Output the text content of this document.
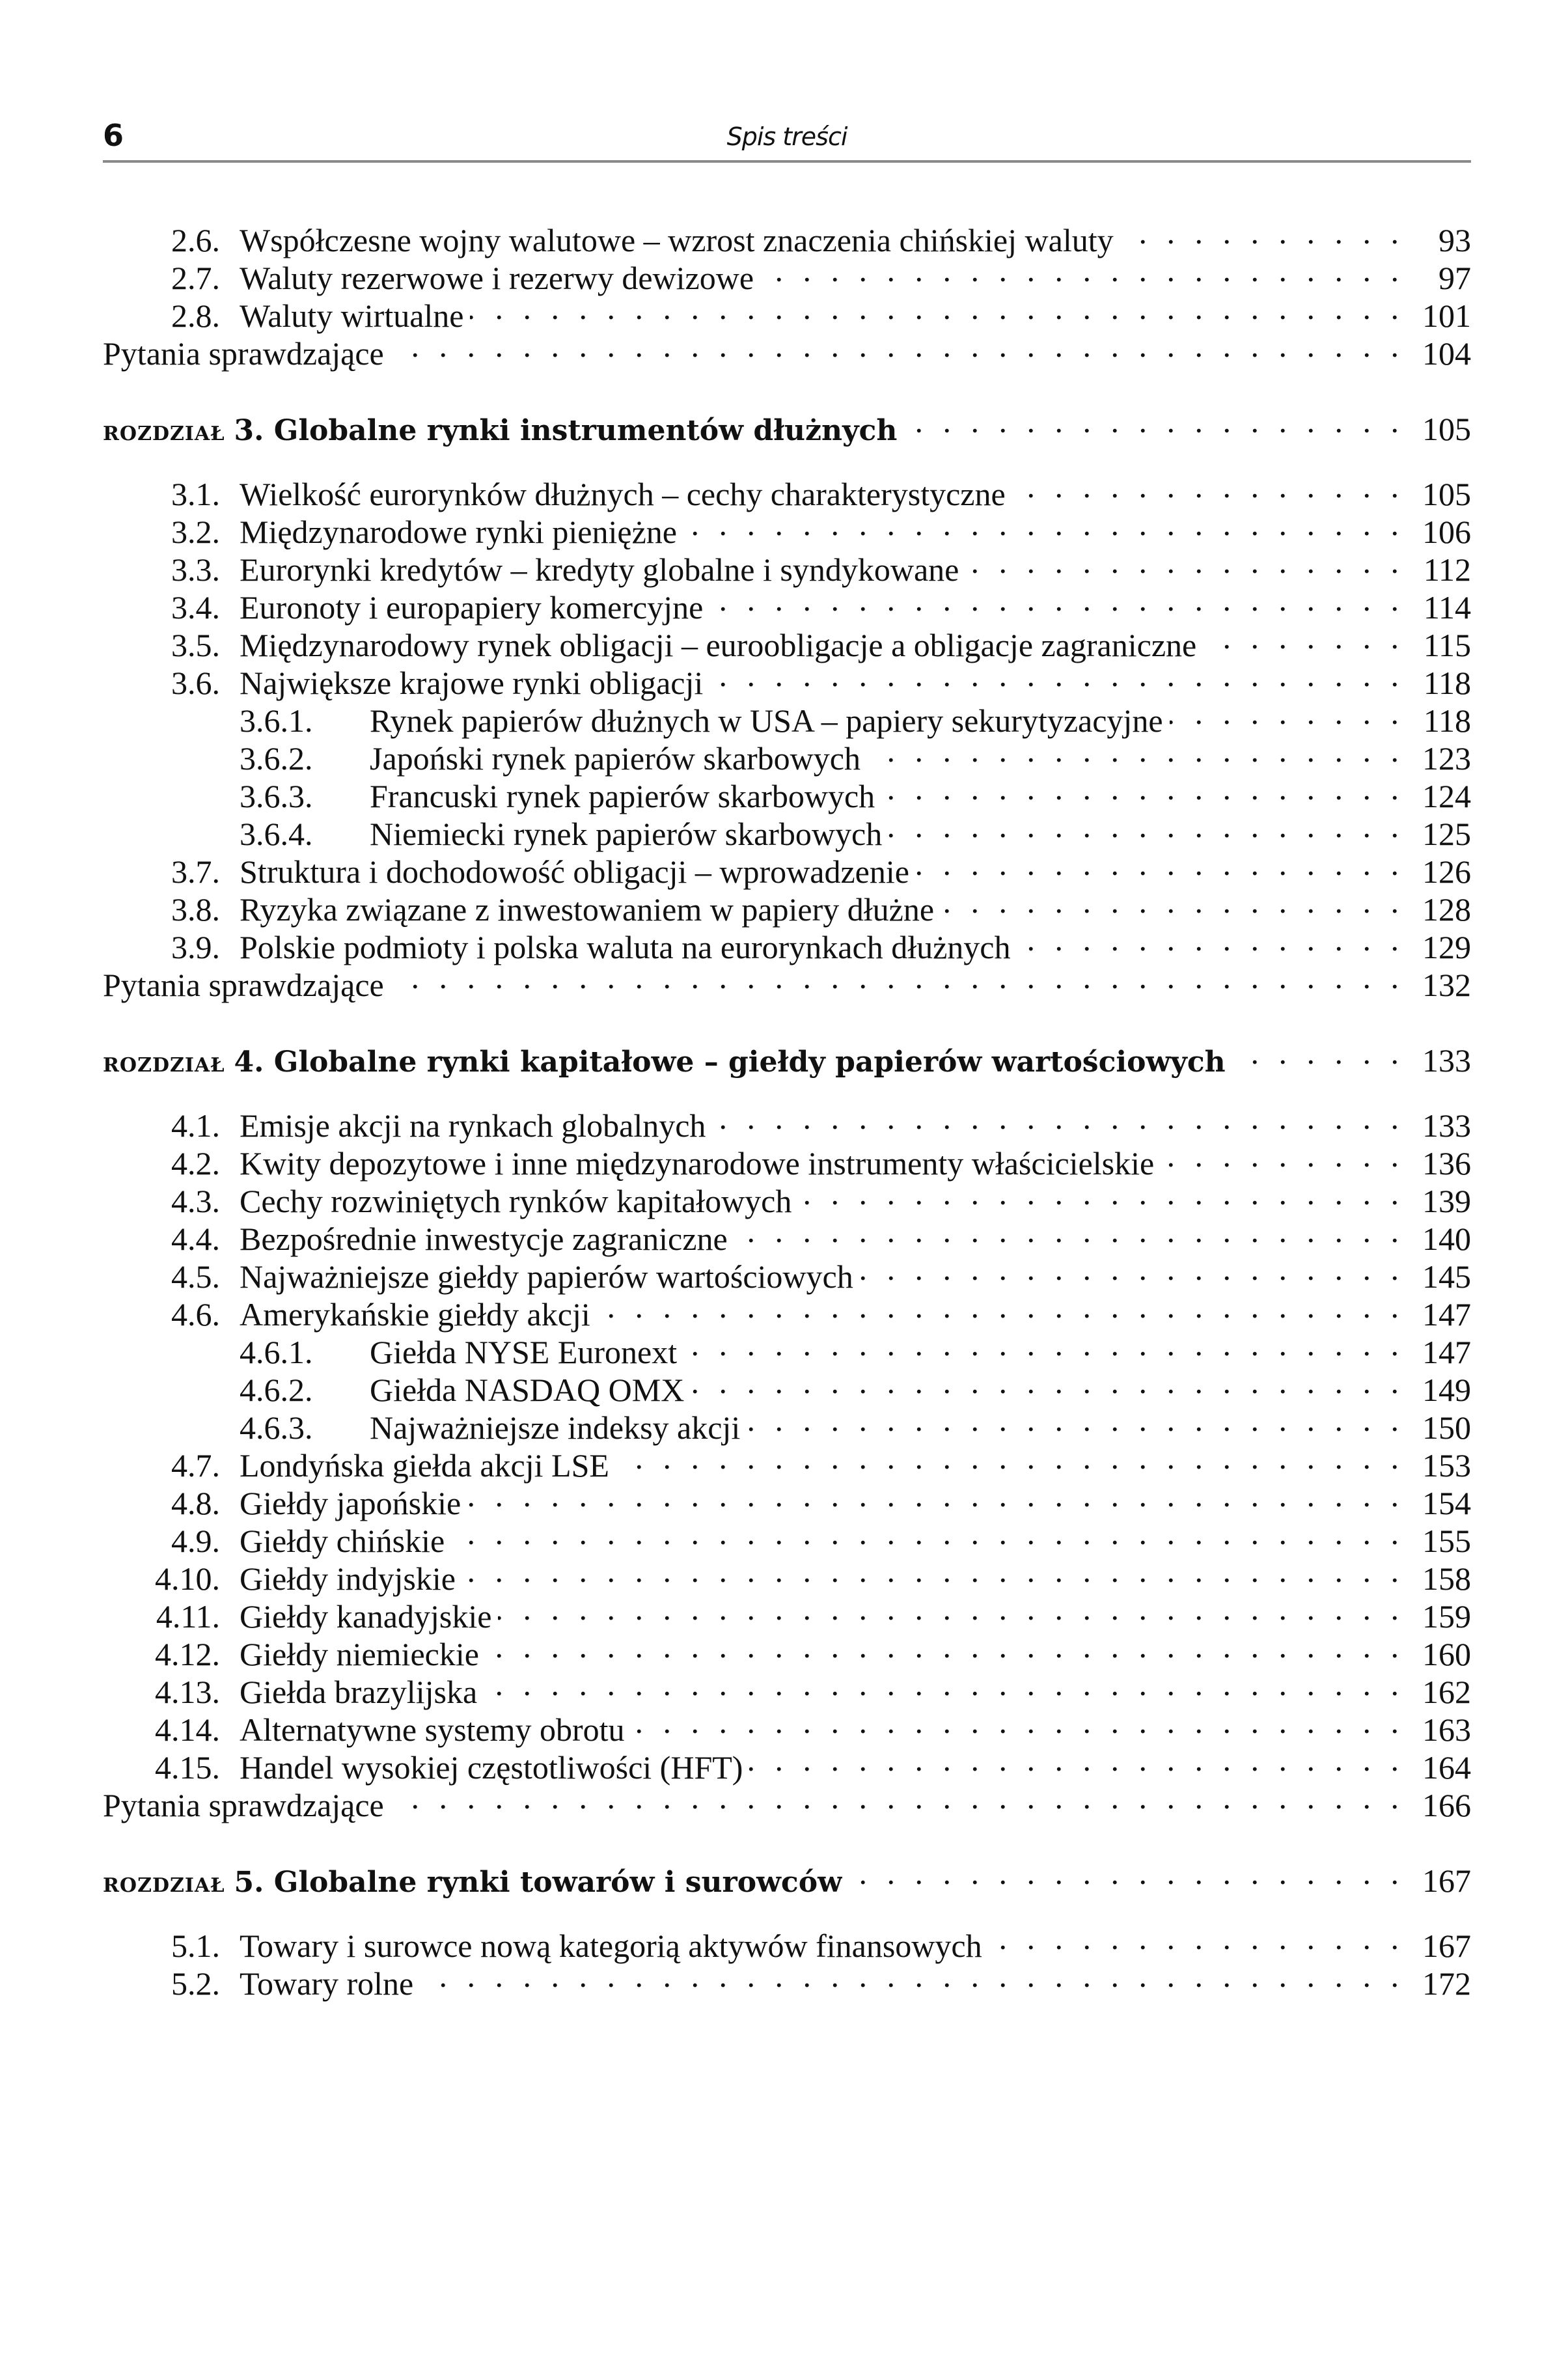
6	Spis treści
2.6. Współczesne wojny walutowe – wzrost znaczenia chińskiej waluty . . .	93
2.7. Waluty rezerwowe i rezerwy dewizowe . . .	97
2.8. Waluty wirtualne . . .	101
Pytania sprawdzające . . .	104
ROZDZIAŁ 3. Globalne rynki instrumentów dłużnych . . .	105
3.1. Wielkość eurorynków dłużnych – cechy charakterystyczne . . .	105
3.2. Międzynarodowe rynki pieniężne . . .	106
3.3. Eurorynki kredytów – kredyty globalne i syndykowane . . .	112
3.4. Euronoty i europapiery komercyjne . . .	114
3.5. Międzynarodowy rynek obligacji – euroobligacje a obligacje zagraniczne . . .	115
3.6. Największe krajowe rynki obligacji . . .	118
3.6.1.	Rynek papierów dłużnych w USA – papiery sekurytyzacyjne . . .	118
3.6.2.	Japoński rynek papierów skarbowych . . .	123
3.6.3.	Francuski rynek papierów skarbowych . . .	124
3.6.4.	Niemiecki rynek papierów skarbowych . . .	125
3.7. Struktura i dochodowość obligacji – wprowadzenie . . .	126
3.8. Ryzyka związane z inwestowaniem w papiery dłużne . . .	128
3.9. Polskie podmioty i polska waluta na eurorynkach dłużnych . . .	129
Pytania sprawdzające . . .	132
ROZDZIAŁ 4. Globalne rynki kapitałowe – giełdy papierów wartościowych . . .	133
4.1. Emisje akcji na rynkach globalnych . . .	133
4.2. Kwity depozytowe i inne międzynarodowe instrumenty właścicielskie . . .	136
4.3. Cechy rozwiniętych rynków kapitałowych . . .	139
4.4. Bezpośrednie inwestycje zagraniczne . . .	140
4.5. Najważniejsze giełdy papierów wartościowych . . .	145
4.6. Amerykańskie giełdy akcji . . .	147
4.6.1.	Giełda NYSE Euronext . . .	147
4.6.2.	Giełda NASDAQ OMX . . .	149
4.6.3.	Najważniejsze indeksy akcji . . .	150
4.7. Londyńska giełda akcji LSE . . .	153
4.8. Giełdy japońskie . . .	154
4.9. Giełdy chińskie . . .	155
4.10. Giełdy indyjskie . . .	158
4.11. Giełdy kanadyjskie . . .	159
4.12. Giełdy niemieckie . . .	160
4.13. Giełda brazylijska . . .	162
4.14. Alternatywne systemy obrotu . . .	163
4.15. Handel wysokiej częstotliwości (HFT) . . .	164
Pytania sprawdzające . . .	166
ROZDZIAŁ 5. Globalne rynki towarów i surowców . . .	167
5.1. Towary i surowce nową kategorią aktywów finansowych . . .	167
5.2. Towary rolne . . .	172
